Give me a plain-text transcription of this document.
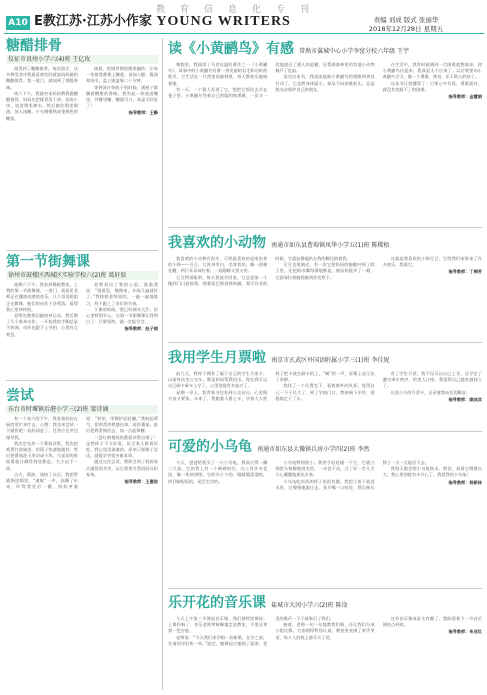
教育信息化专刊
A10 E教江苏·江苏小作家 YOUNG WRITERS	责编 刘成 版式 张丽华
2018年12月28日 星期五
糖醋排骨
仪征市真州小学六(4)班 王亿玫

闻得到了糖醋排骨，每次放学，这多种美食中我最喜欢吃的就是妈妈做的糖醋排骨。我一进门，就闻到了那股香味。

周六下午，我就央求妈妈教我做糖醋排骨。妈妈先把排骨洗干净，切成小块，放进锅里焯水。然后她往锅里倒油，放入冰糖，小火慢慢熬成金黄色的糖浆。

接着，把排骨倒进锅里翻炒，让每一块排骨都裹上糖浆，再加入醋、酱油和清水，盖上锅盖焖二十分钟。

等到汤汁快收干的时候，满屋子都飘着酸甜的香味。我夹起一块放进嘴里，外酥里嫩，酸甜可口，真是太好吃了！

指导教师：王静
第一节街舞课
徐州市鼓楼区西城区实验学校六(2)班 葛轩辰

星期六下午，我来到舞蹈教室，上我的第一节街舞课。一进门，就看见老师正在播放动感的音乐，几个哥哥姐姐正在跳舞，他们的动作干净利落，看得我心里痒痒的。

老师先教我们做热身运动，然后教了几个基本动作。一开始我的手脚总是不协调，动作也跟不上节拍，心里有点着急。

老师看出了我的心思，鼓励我说：“别着急，慢慢来，多练几遍就好了。”我按照老师说的，一遍一遍地练习，终于跟上了音乐的节奏。

下课的时候，我已经满头大汗，但心里特别开心。这第一节街舞课让我明白了：只要坚持，就一定能学会。

指导教师：赵子娟
尝试
东台市时堰镇后港小学三(2)班 梁诗涵

有一个周六的下午，我看着妈妈在厨房里忙来忙去，心想：我也来尝试一下做饭吧！妈妈同意了，还答应在旁边指导我。

我决定先炒一个番茄炒蛋。我先把鸡蛋打进碗里，用筷子快速地搅拌，然后把番茄洗干净切成小块。可是切的时候番茄汁溅得到处都是，大小也不一样。

点火，倒油，油热了以后，我把蛋液倒进锅里，“滋啦”一声，油溅了出来，吓得我往后一跳。妈妈笑着说：“别怕，用锅铲轻轻翻。”我鼓起勇气，把鸡蛋炒熟盛出来，再炒番茄，最后把鸡蛋倒回去，加一点盐和糖。

一盘红黄相间的番茄炒蛋出锅了！虽然样子不太好看，但全家人都说好吃。我心里美滋滋的，原来只要敢于尝试，就能学会很多新本领。

通过这次尝试，我体会到了妈妈每天做饭的辛苦，以后我要多帮妈妈分担家务。

指导教师：王惠俊
读《小黄鹂鸟》有感 常熟市翼城中心小学李窑分校六年级 王宇

寒假里，我阅读了马克吐温的著作之一《小黄鹂鸟》。故事中的小黄鹂鸟有着一身美丽的羽毛和动听的歌声，它生活在一片茂密的森林里，每天都快乐地唱着歌。

有一天，一个猎人发现了它，想把它抓回去关在笼子里。小黄鹂鸟凭着自己的聪明和勇敢，一次又一次地逃过了猎人的追捕，还帮助森林里的其他小动物躲开了危险。

读完这本书，我深深地被小黄鹂鸟的勇敢和善良打动了。它虽然身体弱小，却从不向困难低头，总是想办法保护自己和朋友。

在生活中，我有时候遇到一点困难就想放弃，和小黄鹂鸟比起来，我真是太不应该了。以后我要向小黄鹂鸟学习，做一个勇敢、善良、乐于助人的孩子。

这本书让我懂得了：只要心中有爱，勇敢面对，就没有克服不了的困难。

指导教师：金慧娟
我喜欢的小动物 南通市如东县曹埠镇凤华小学五(1)班 陈稀梧

我喜欢的小动物有很多，可我最喜欢的是家里养的小狗——豆豆。它浑身雪白，毛茸茸的，像一团棉花糖，两只耳朵耷拉着，一双眼睛又黑又亮。

豆豆特别聪明。每天我放学回家，它总是第一个跑到门口迎接我，摇着尾巴围着我转圈。我写作业的时候，它就安静地趴在我的脚边陪着我。

豆豆也很调皮，有一次它把妈妈的拖鞋叼到了院子里，还把纸巾撕得满地都是，被妈妈批评了一顿，它就耷拉着脑袋躲到沙发底下。

这就是我喜欢的小狗豆豆，它给我们家带来了许多欢乐，我爱它。

指导教师：丁梅芳
我用学生月票啦 南京市玄武区外国语附属小学三(1)班 李佳妮

前几天，我终于拥有了属于自己的学生月票卡。以前每次坐公交车，都是妈妈帮我投币，现在我可以自己刷卡乘车上学了，心里别提有多高兴了。

星期一早上，我背着书包来到公交站台，心里既兴奋又紧张。车来了，我跟着人群上车，学着大人的样子把卡放在刷卡机上，“嘀”的一声，屏幕上显示出了余额。

我找了一个位置坐下，看着窗外的风景，觉得自己一下子长大了。到了学校门口，我按响下车铃，稳稳地走下了车。

有了学生月票，我不仅可以自己上学，还学会了遵守乘车秩序、给老人让座。我觉得自己越来越独立了。

这张小小的月票卡，记录着我成长的脚步。

指导教师：顾成宾
可爱的小乌龟 南通市如东县大豫镇兵房小学四(2)班 李然

今天，爸爸给我买了一只小乌龟，我高兴得一蹦三尺高。它的背上有一个硬硬的壳，壳上有许多花纹，像一块块拼图。它的头小小的，眼睛圆溜溜的，四只脚短短的，尾巴尖尖的。

小乌龟特别胆小。我用手轻轻碰一下它，它就立刻把头和脚缩进壳里，一动也不动，过了好一会儿才小心翼翼地探出头来。

小乌龟吃东西的样子也很有趣。我把小鱼干放进水里，它慢慢地游过去，张开嘴一口咬住，然后伸长脖子一点一点地吞下去。

我每天都会给小乌龟换水、喂食，看着它慢慢长大，我心里别提有多开心了。我爱我的小乌龟！

指导教师：杨新林
乐开花的音乐课 盐城市大冈小学六(2)班 陈淦

今天上午第三节课是音乐课，我们都特别期待。上课铃响了，音乐老师笑眯眯地走进教室，手里还拿着一把吉他。

老师说：“今天我们来学唱一首新歌，在学之前，先请同学们听一听。”说完，她弹起吉他唱了起来，优美的歌声一下子就吸引了我们。

接着，老师一句一句地教我们唱，还让我们分成小组比赛。大家唱得特别认真，教室里充满了欢声笑语，每个人的脸上都乐开了花。

这节音乐课真是太有趣了，我盼望着下一节音乐课快点到来。

指导教师：朱亚红
